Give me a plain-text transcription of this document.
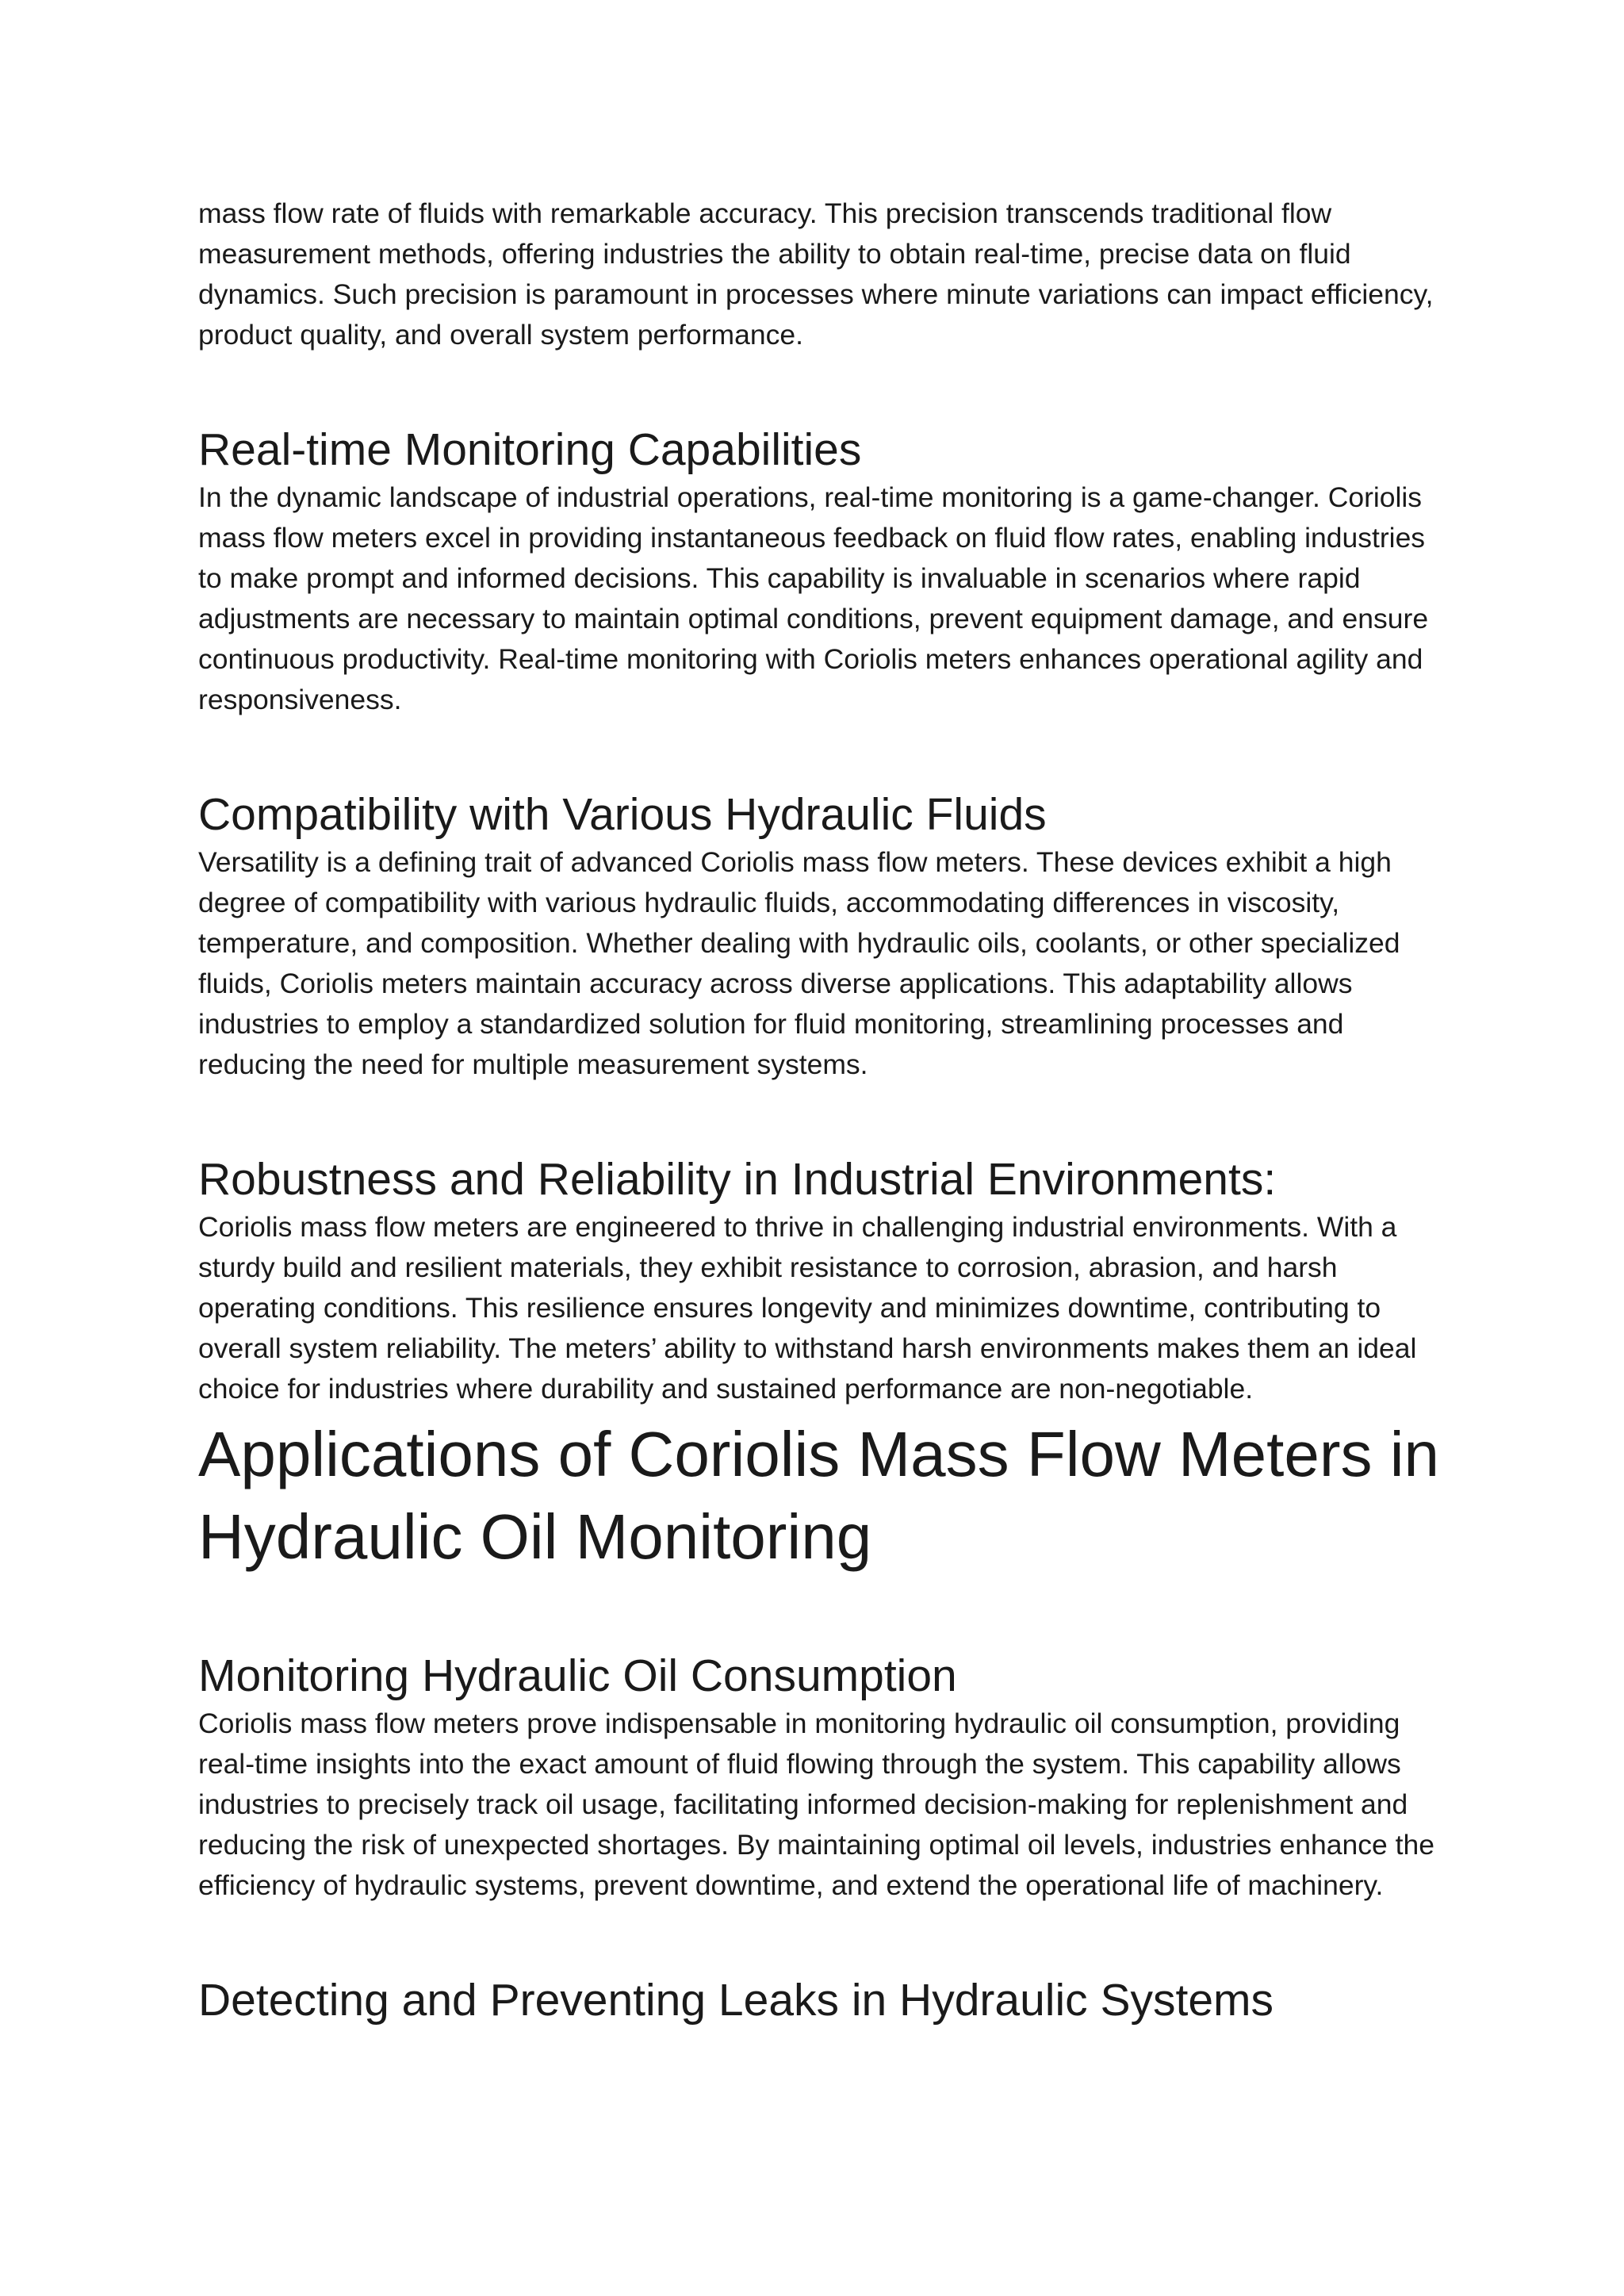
mass flow rate of fluids with remarkable accuracy. This precision transcends traditional flow measurement methods, offering industries the ability to obtain real-time, precise data on fluid dynamics. Such precision is paramount in processes where minute variations can impact efficiency, product quality, and overall system performance.

Real-time Monitoring Capabilities

In the dynamic landscape of industrial operations, real-time monitoring is a game-changer. Coriolis mass flow meters excel in providing instantaneous feedback on fluid flow rates, enabling industries to make prompt and informed decisions. This capability is invaluable in scenarios where rapid adjustments are necessary to maintain optimal conditions, prevent equipment damage, and ensure continuous productivity. Real-time monitoring with Coriolis meters enhances operational agility and responsiveness.

Compatibility with Various Hydraulic Fluids

Versatility is a defining trait of advanced Coriolis mass flow meters. These devices exhibit a high degree of compatibility with various hydraulic fluids, accommodating differences in viscosity, temperature, and composition. Whether dealing with hydraulic oils, coolants, or other specialized fluids, Coriolis meters maintain accuracy across diverse applications. This adaptability allows industries to employ a standardized solution for fluid monitoring, streamlining processes and reducing the need for multiple measurement systems.

Robustness and Reliability in Industrial Environments:

Coriolis mass flow meters are engineered to thrive in challenging industrial environments. With a sturdy build and resilient materials, they exhibit resistance to corrosion, abrasion, and harsh operating conditions. This resilience ensures longevity and minimizes downtime, contributing to overall system reliability. The meters’ ability to withstand harsh environments makes them an ideal choice for industries where durability and sustained performance are non-negotiable.

Applications of Coriolis Mass Flow Meters in Hydraulic Oil Monitoring
Monitoring Hydraulic Oil Consumption

Coriolis mass flow meters prove indispensable in monitoring hydraulic oil consumption, providing real-time insights into the exact amount of fluid flowing through the system. This capability allows industries to precisely track oil usage, facilitating informed decision-making for replenishment and reducing the risk of unexpected shortages. By maintaining optimal oil levels, industries enhance the efficiency of hydraulic systems, prevent downtime, and extend the operational life of machinery.

Detecting and Preventing Leaks in Hydraulic Systems
